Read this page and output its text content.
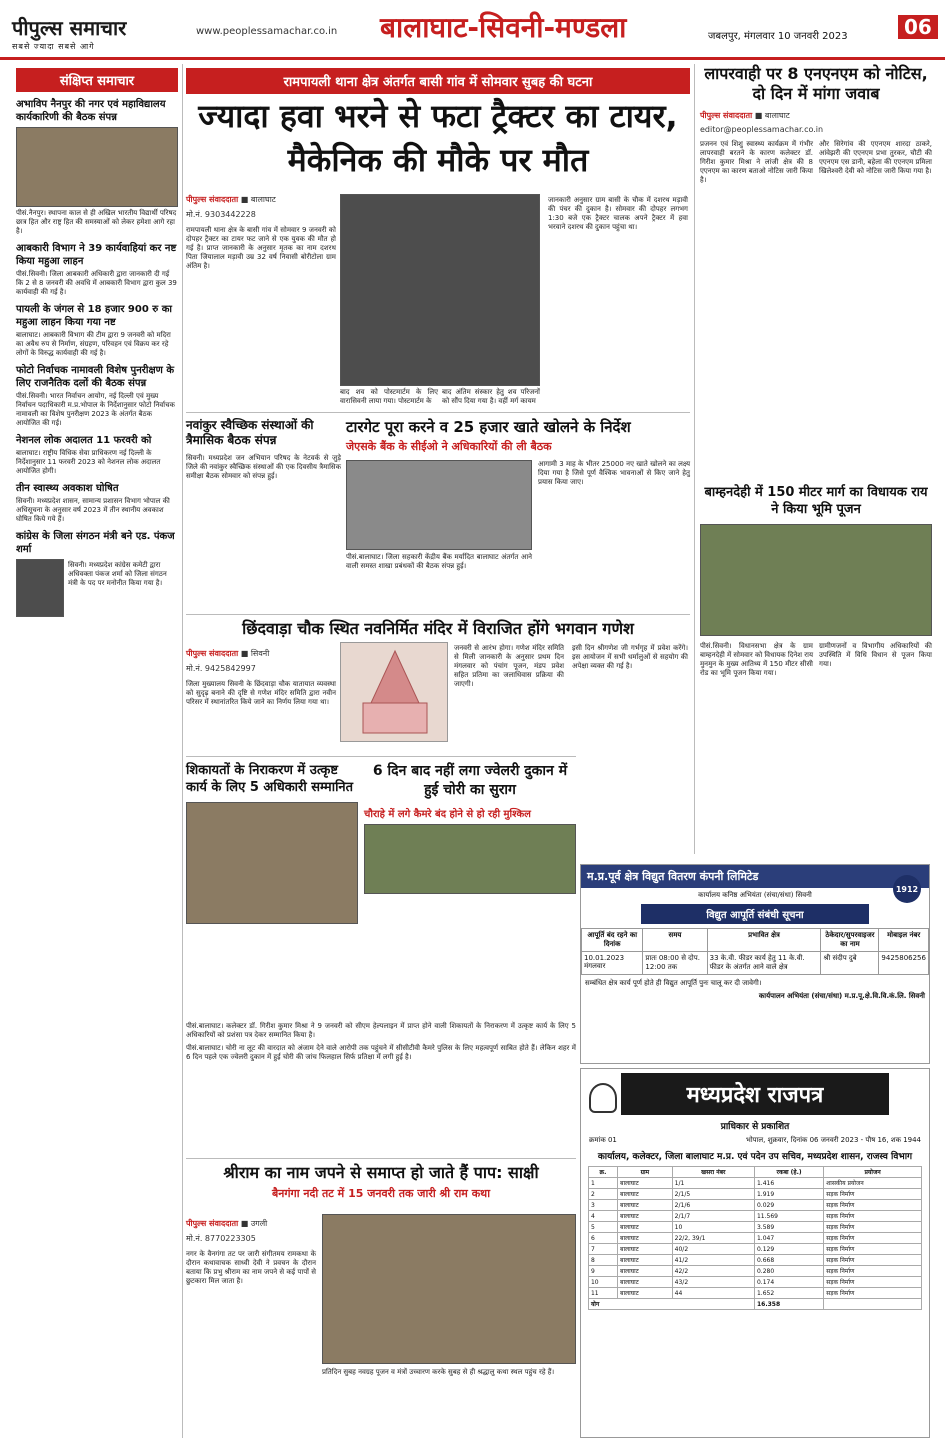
पीपुल्स समाचार
सबसे ज्यादा सबसे आगे
www.peoplessamachar.co.in बालाघाट-सिवनी-मण्डला	जबलपुर, मंगलवार 10 जनवरी 2023	06
संक्षिप्त समाचार
अभाविप नैनपुर की नगर एवं महाविद्यालय कार्यकारिणी की बैठक संपन्न

पीसं.नैनपुर। स्थापना काल से ही अखिल भारतीय विद्यार्थी परिषद छात्र हित और राष्ट्र हित की समस्याओं को लेकर हमेशा आगे रहा है।

आबकारी विभाग ने 39 कार्यवाहियां कर नष्ट किया महुआ लाहन

पीसं.सिवनी। जिला आबकारी अधिकारी द्वारा जानकारी दी गई कि 2 से 8 जनवरी की अवधि में आबकारी विभाग द्वारा कुल 39 कार्यवाही की गई है।

पायली के जंगल से 18 हजार 900 रु का महुआ लाहन किया गया नष्ट

बालाघाट। आबकारी विभाग की टीम द्वारा 9 जनवरी को मदिरा का अवैध रुप से निर्माण, संग्रहण, परिवहन एवं विक्रय कर रहे लोगों के विरुद्ध कार्यवाही की गई है।

फोटो निर्वाचक नामावली विशेष पुनरीक्षण के लिए राजनैतिक दलों की बैठक संपन्न

पीसं.सिवनी। भारत निर्वाचन आयोग, नई दिल्ली एवं मुख्य निर्वाचन पदाधिकारी म.प्र.भोपाल के निर्देशानुसार फोटो निर्वाचक नामावली का विशेष पुनरीक्षण 2023 के अंतर्गत बैठक आयोजित की गई।

नेशनल लोक अदालत 11 फरवरी को

बालाघाट। राष्ट्रीय विधिक सेवा प्राधिकरण नई दिल्ली के निर्देशानुसार 11 फरवरी 2023 को नेशनल लोक अदालत आयोजित होगी।

तीन स्वास्थ्य अवकाश घोषित

सिवनी। मध्यप्रदेश शासन, सामान्य प्रशासन विभाग भोपाल की अधिसूचना के अनुसार वर्ष 2023 में तीन स्थानीय अवकाश घोषित किये गये हैं।

कांग्रेस के जिला संगठन मंत्री बने एड. पंकज शर्मा

सिवनी। मध्यप्रदेश कांग्रेस कमेटी द्वारा अधिवक्ता पंकज शर्मा को जिला संगठन मंत्री के पद पर मनोनीत किया गया है।

रामपायली थाना क्षेत्र अंतर्गत बासी गांव में सोमवार सुबह की घटना
ज्यादा हवा भरने से फटा ट्रैक्टर का टायर, मैकेनिक की मौके पर मौत
पीपुल्स संवाददाता ■ बालाघाट
मो.नं. 9303442228

रामपायली थाना क्षेत्र के बासी गांव में सोमवार 9 जनवरी को दोपहर ट्रैक्टर का टायर फट जाने से एक युवक की मौत हो गई है। प्राप्त जानकारी के अनुसार मृतक का नाम दशरथ पिता जियालाल मड़ावी उम्र 32 वर्ष निवासी बोरीटोला ग्राम अंतिम है।

बाद शव को पोस्टमार्टम के लिए वारासिवनी लाया गया। पोस्टमार्टम के

बाद अंतिम संस्कार हेतु शव परिजनों को सौंप दिया गया है। वहीं मर्ग कायम

जानकारी अनुसार ग्राम बासी के चौक में दशरथ मड़ावी की पंचर की दुकान है। सोमवार की दोपहर लगभग 1:30 बजे एक ट्रैक्टर चालक अपने ट्रैक्टर में हवा भरवाने दशरथ की दुकान पहुंचा था।

नवांकुर स्वैच्छिक संस्थाओं की त्रैमासिक बैठक संपन्न

सिवनी। मध्यप्रदेश जन अभियान परिषद के नेटवर्क से जुड़े जिले की नवांकुर स्वैच्छिक संस्थाओं की एक दिवसीय त्रैमासिक समीक्षा बैठक सोमवार को संपन्न हुई।

टारगेट पूरा करने व 25 हजार खाते खोलने के निर्देश
जेएसके बैंक के सीईओ ने अधिकारियों की ली बैठक

पीसं.बालाघाट। जिला सहकारी केंद्रीय बैंक मर्यादित बालाघाट अंतर्गत आने वाली समस्त शाखा प्रबंधकों की बैठक संपन्न हुई।

आगामी 3 माह के भीतर 25000 नए खाते खोलने का लक्ष्य दिया गया है जिसे पूर्ण वैश्विक भावनाओं से किए जाने हेतु प्रयास किया जाए।

छिंदवाड़ा चौक स्थित नवनिर्मित मंदिर में विराजित होंगे भगवान गणेश
पीपुल्स संवाददाता ■ सिवनी
मो.नं. 9425842997

जिला मुख्यालय सिवनी के छिंदवाड़ा चौक यातायात व्यवस्था को सुदृढ़ बनाने की दृष्टि से गणेश मंदिर समिति द्वारा नवीन परिसर में स्थानांतरित किये जाने का निर्णय लिया गया था।

जनवरी से आरंभ होगा। गणेश मंदिर समिति से मिली जानकारी के अनुसार प्रथम दिन मंगलवार को पंचांग पूजन, मंडप प्रवेश सहित प्रतिमा का जलाधिवास प्रक्रिया की जाएगी।

इसी दिन श्रीगणेश जी गर्भगृह में प्रवेश करेंगे। इस आयोजन में सभी धर्मालुओं से सहयोग की अपेक्षा व्यक्त की गई है।

शिकायतों के निराकरण में उत्कृष्ट कार्य के लिए 5 अधिकारी सम्मानित
6 दिन बाद नहीं लगा ज्वेलरी दुकान में हुई चोरी का सुराग
चौराहे में लगे कैमरे बंद होने से हो रही मुश्किल

पीसं.बालाघाट। कलेक्टर डॉ. गिरीश कुमार मिश्रा ने 9 जनवरी को सीएम हेल्पलाइन में प्राप्त होने वाली शिकायतों के निराकरण में उत्कृष्ट कार्य के लिए 5 अधिकारियों को प्रशंसा पत्र देकर सम्मानित किया है।

पीसं.बालाघाट। चोरी ना लूट की वारदात को अंजाम देने वाले आरोपी तक पहुंचने में सीसीटीवी कैमरे पुलिस के लिए महत्वपूर्ण साबित होते हैं। लेकिन शहर में 6 दिन पहले एक ज्वेलरी दुकान में हुई चोरी की जांच फिलहाल सिर्फ प्रतिक्षा में लगी हुई है।

श्रीराम का नाम जपने से समाप्त हो जाते हैं पाप: साक्षी
बैनगंगा नदी तट में 15 जनवरी तक जारी श्री राम कथा
पीपुल्स संवाददाता ■ उगली
मो.नं. 8770223305

नगर के वैनगंगा तट पर जारी संगीतमय रामकथा के दौरान कथावाचक साध्वी देवी ने प्रवचन के दौरान बताया कि प्रभु श्रीराम का नाम जपने से कई पापों से छुटकारा मिल जाता है।

प्रतिदिन सुबह नवग्रह पूजन व मंत्रों उच्चारण करके सुबह से ही श्रद्धालु कथा स्थल पहुंच रहे हैं।

लापरवाही पर 8 एनएनएम को नोटिस, दो दिन में मांगा जवाब
पीपुल्स संवाददाता ■ बालाघाट
editor@peoplessamachar.co.in

प्रजनन एवं शिशु स्वास्थ्य कार्यक्रम में गंभीर लापरवाही बरतने के कारण कलेक्टर डॉ. गिरीश कुमार मिश्रा ने लांजी क्षेत्र की 8 एएनएम का कारण बताओ नोटिस जारी किया है।

और सिरेगांव की एएनएम शारदा ठाकरे, आंवेझरी की एएनएम प्रभा तुरकर, चौटी की एएनएम एस डानी, बहेला की एएनएम प्रमिला खिलेश्वरी देवी को नोटिस जारी किया गया है।

बाम्हनदेही में 150 मीटर मार्ग का विधायक राय ने किया भूमि पूजन

पीसं.सिवनी। विधानसभा क्षेत्र के ग्राम बाम्हनदेही में सोमवार को विधायक दिनेश राय मुनमुन के मुख्य आतिथ्य में 150 मीटर सीसी रोड का भूमि पूजन किया गया।

ग्रामीणजनों व विभागीय अधिकारियों की उपस्थिति में विधि विधान से पूजन किया गया।

म.प्र.पूर्व क्षेत्र विद्युत वितरण कंपनी लिमिटेड
1912
कार्यालय कनिष्ठ अभियंता (संचा/संधा) सिवनी
विद्युत आपूर्ति संबंधी सूचना
आपूर्ति बंद रहने का दिनांक	समय	प्रभावित क्षेत्र	ठेकेदार/सुपरवाइजर का नाम	मोबाइल नंबर
10.01.2023 मंगलवार	प्रातः 08:00 से दोप. 12:00 तक	33 के.वी. फीडर कार्य हेतु 11 के.वी. फीडर के अंतर्गत आने वाले क्षेत्र	श्री संदीप दुबे	9425806256

सम्बंधित क्षेत्र कार्य पूर्ण होते ही विद्युत आपूर्ति पुनः चालू कर दी जावेगी।

कार्यपालन अभियंता (संचा/संधा) म.प्र.पू.क्षे.वि.वि.कं.लि. सिवनी

मध्यप्रदेश राजपत्र
प्राधिकार से प्रकाशित
क्रमांक 01	भोपाल, शुक्रवार, दिनांक 06 जनवरी 2023 - पौष 16, शक 1944
कार्यालय, कलेक्टर, जिला बालाघाट म.प्र. एवं पदेन उप सचिव, मध्यप्रदेश शासन, राजस्व विभाग
क्र.	ग्राम	खसरा नंबर	रकबा (हे.)	प्रयोजन
1	बालाघाट	1/1	1.416	शासकीय प्रयोजन
2	बालाघाट	2/1/5	1.919	सड़क निर्माण
3	बालाघाट	2/1/6	0.029	सड़क निर्माण
4	बालाघाट	2/1/7	11.569	सड़क निर्माण
5	बालाघाट	10	3.589	सड़क निर्माण
6	बालाघाट	22/2, 39/1	1.047	सड़क निर्माण
7	बालाघाट	40/2	0.129	सड़क निर्माण
8	बालाघाट	41/2	0.668	सड़क निर्माण
9	बालाघाट	42/2	0.280	सड़क निर्माण
10	बालाघाट	43/2	0.174	सड़क निर्माण
11	बालाघाट	44	1.652	सड़क निर्माण
योग			16.358	
